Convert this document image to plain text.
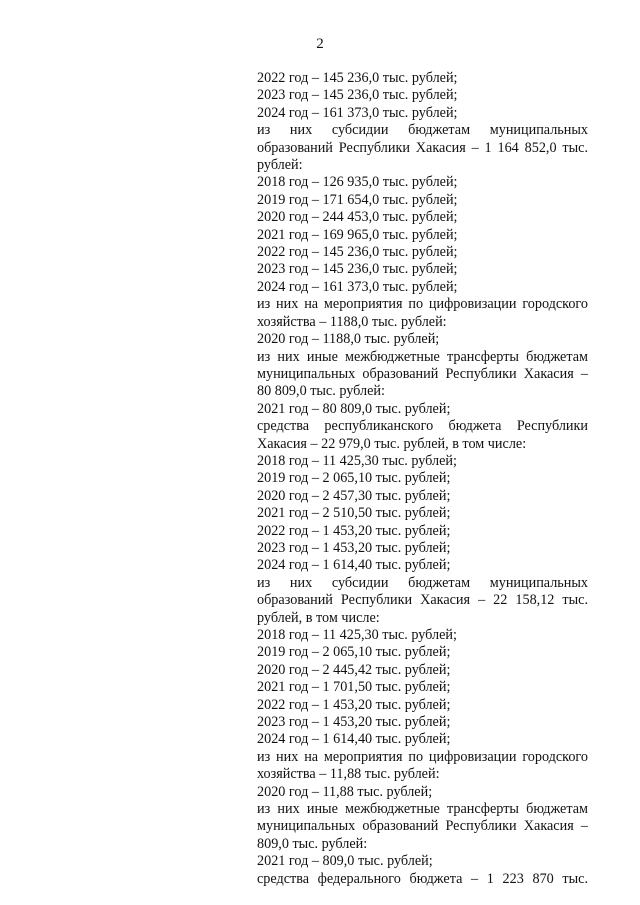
2
2022 год – 145 236,0 тыс. рублей;
2023 год – 145 236,0 тыс. рублей;
2024 год – 161 373,0 тыс. рублей;
из них субсидии бюджетам муниципальных образований Республики Хакасия – 1 164 852,0 тыс. рублей:
2018 год – 126 935,0 тыс. рублей;
2019 год – 171 654,0 тыс. рублей;
2020 год – 244 453,0 тыс. рублей;
2021 год – 169 965,0 тыс. рублей;
2022 год – 145 236,0 тыс. рублей;
2023 год – 145 236,0 тыс. рублей;
2024 год – 161 373,0 тыс. рублей;
из них на мероприятия по цифровизации городского хозяйства – 1188,0 тыс. рублей:
2020 год – 1188,0 тыс. рублей;
из них иные межбюджетные трансферты бюджетам муниципальных образований Республики Хакасия – 80 809,0 тыс. рублей:
2021 год – 80 809,0 тыс. рублей;
средства республиканского бюджета Республики Хакасия – 22 979,0 тыс. рублей, в том числе:
2018 год – 11 425,30 тыс. рублей;
2019 год – 2 065,10 тыс. рублей;
2020 год – 2 457,30 тыс. рублей;
2021 год – 2 510,50 тыс. рублей;
2022 год – 1 453,20 тыс. рублей;
2023 год – 1 453,20 тыс. рублей;
2024 год – 1 614,40 тыс. рублей;
из них субсидии бюджетам муниципальных образований Республики Хакасия – 22 158,12 тыс. рублей, в том числе:
2018 год – 11 425,30 тыс. рублей;
2019 год – 2 065,10 тыс. рублей;
2020 год – 2 445,42 тыс. рублей;
2021 год – 1 701,50 тыс. рублей;
2022 год – 1 453,20 тыс. рублей;
2023 год – 1 453,20 тыс. рублей;
2024 год – 1 614,40 тыс. рублей;
из них на мероприятия по цифровизации городского хозяйства – 11,88 тыс. рублей:
2020 год – 11,88 тыс. рублей;
из них иные межбюджетные трансферты бюджетам муниципальных образований Республики Хакасия – 809,0 тыс. рублей:
2021 год – 809,0 тыс. рублей;
средства федерального бюджета – 1 223 870 тыс.
